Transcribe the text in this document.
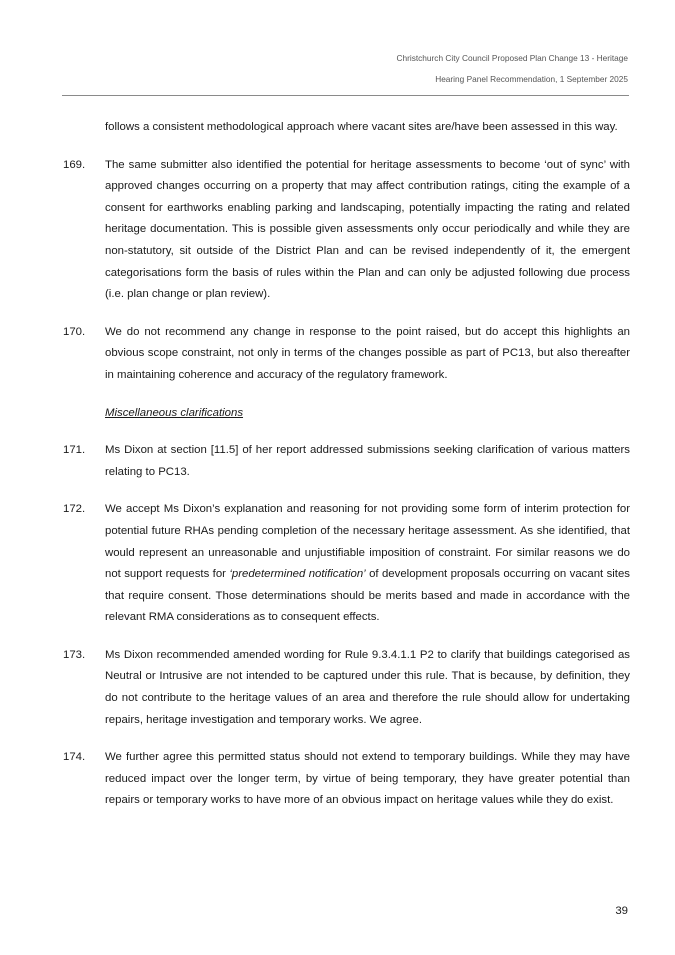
Christchurch City Council Proposed Plan Change 13 - Heritage
Hearing Panel Recommendation, 1 September 2025
follows a consistent methodological approach where vacant sites are/have been assessed in this way.
169. The same submitter also identified the potential for heritage assessments to become ‘out of sync’ with approved changes occurring on a property that may affect contribution ratings, citing the example of a consent for earthworks enabling parking and landscaping, potentially impacting the rating and related heritage documentation. This is possible given assessments only occur periodically and while they are non-statutory, sit outside of the District Plan and can be revised independently of it, the emergent categorisations form the basis of rules within the Plan and can only be adjusted following due process (i.e. plan change or plan review).
170. We do not recommend any change in response to the point raised, but do accept this highlights an obvious scope constraint, not only in terms of the changes possible as part of PC13, but also thereafter in maintaining coherence and accuracy of the regulatory framework.
Miscellaneous clarifications
171. Ms Dixon at section [11.5] of her report addressed submissions seeking clarification of various matters relating to PC13.
172. We accept Ms Dixon’s explanation and reasoning for not providing some form of interim protection for potential future RHAs pending completion of the necessary heritage assessment. As she identified, that would represent an unreasonable and unjustifiable imposition of constraint. For similar reasons we do not support requests for ‘predetermined notification’ of development proposals occurring on vacant sites that require consent. Those determinations should be merits based and made in accordance with the relevant RMA considerations as to consequent effects.
173. Ms Dixon recommended amended wording for Rule 9.3.4.1.1 P2 to clarify that buildings categorised as Neutral or Intrusive are not intended to be captured under this rule. That is because, by definition, they do not contribute to the heritage values of an area and therefore the rule should allow for undertaking repairs, heritage investigation and temporary works. We agree.
174. We further agree this permitted status should not extend to temporary buildings. While they may have reduced impact over the longer term, by virtue of being temporary, they have greater potential than repairs or temporary works to have more of an obvious impact on heritage values while they do exist.
39
